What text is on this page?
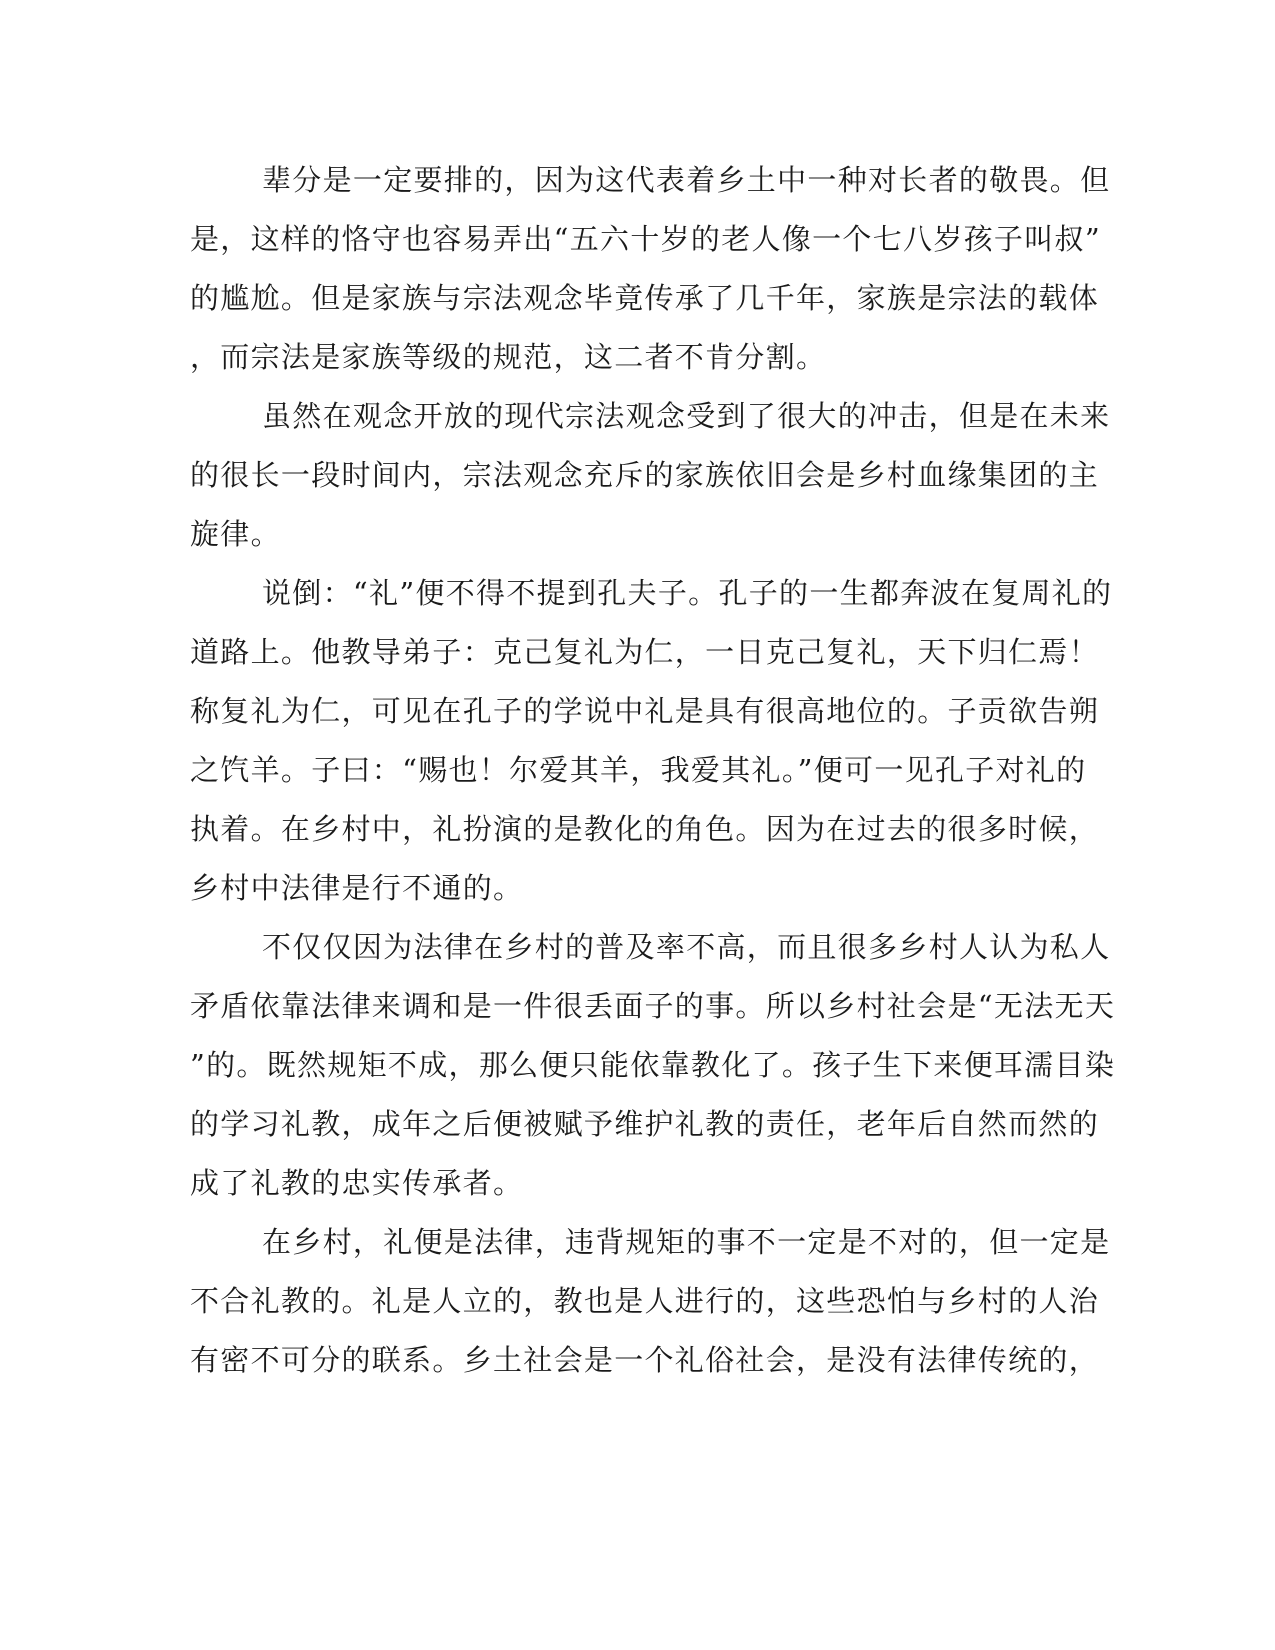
辈分是一定要排的，因为这代表着乡土中一种对长者的敬畏。但
是，这样的恪守也容易弄出“五六十岁的老人像一个七八岁孩子叫叔”
的尴尬。但是家族与宗法观念毕竟传承了几千年，家族是宗法的载体
，而宗法是家族等级的规范，这二者不肯分割。
虽然在观念开放的现代宗法观念受到了很大的冲击，但是在未来
的很长一段时间内，宗法观念充斥的家族依旧会是乡村血缘集团的主
旋律。
说倒：“礼”便不得不提到孔夫子。孔子的一生都奔波在复周礼的
道路上。他教导弟子：克己复礼为仁，一日克己复礼，天下归仁焉！
称复礼为仁，可见在孔子的学说中礼是具有很高地位的。子贡欲告朔
之饩羊。子曰：“赐也！尔爱其羊，我爱其礼。”便可一见孔子对礼的
执着。在乡村中，礼扮演的是教化的角色。因为在过去的很多时候，
乡村中法律是行不通的。
不仅仅因为法律在乡村的普及率不高，而且很多乡村人认为私人
矛盾依靠法律来调和是一件很丢面子的事。所以乡村社会是“无法无天
”的。既然规矩不成，那么便只能依靠教化了。孩子生下来便耳濡目染
的学习礼教，成年之后便被赋予维护礼教的责任，老年后自然而然的
成了礼教的忠实传承者。
在乡村，礼便是法律，违背规矩的事不一定是不对的，但一定是
不合礼教的。礼是人立的，教也是人进行的，这些恐怕与乡村的人治
有密不可分的联系。乡土社会是一个礼俗社会，是没有法律传统的，
